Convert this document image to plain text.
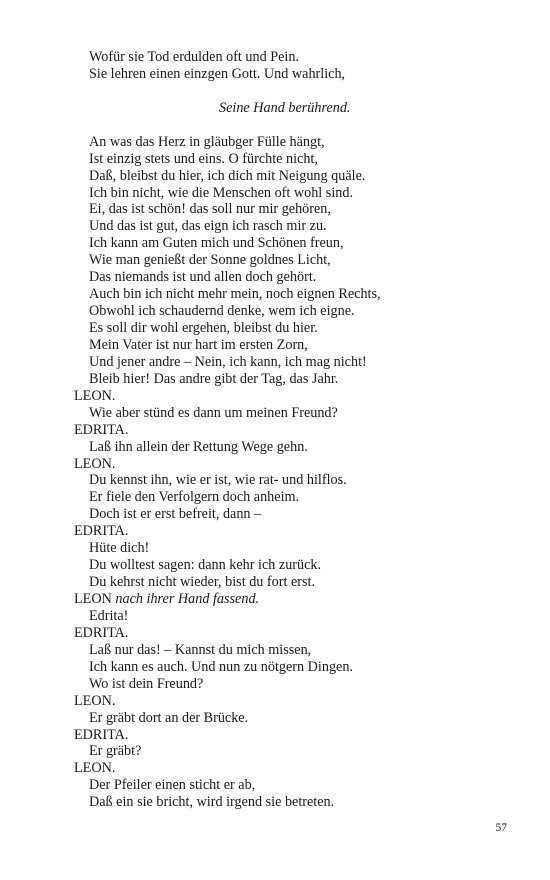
Wofür sie Tod erdulden oft und Pein.
Sie lehren einen einzgen Gott. Und wahrlich,
Seine Hand berührend.
An was das Herz in gläubger Fülle hängt,
Ist einzig stets und eins. O fürchte nicht,
Daß, bleibst du hier, ich dich mit Neigung quäle.
Ich bin nicht, wie die Menschen oft wohl sind.
Ei, das ist schön! das soll nur mir gehören,
Und das ist gut, das eign ich rasch mir zu.
Ich kann am Guten mich und Schönen freun,
Wie man genießt der Sonne goldnes Licht,
Das niemands ist und allen doch gehört.
Auch bin ich nicht mehr mein, noch eignen Rechts,
Obwohl ich schaudernd denke, wem ich eigne.
Es soll dir wohl ergehen, bleibst du hier.
Mein Vater ist nur hart im ersten Zorn,
Und jener andre – Nein, ich kann, ich mag nicht!
Bleib hier! Das andre gibt der Tag, das Jahr.
LEON.
Wie aber stünd es dann um meinen Freund?
EDRITA.
Laß ihn allein der Rettung Wege gehn.
LEON.
Du kennst ihn, wie er ist, wie rat- und hilflos.
Er fiele den Verfolgern doch anheim.
Doch ist er erst befreit, dann –
EDRITA.
Hüte dich!
Du wolltest sagen: dann kehr ich zurück.
Du kehrst nicht wieder, bist du fort erst.
LEON nach ihrer Hand fassend.
Edrita!
EDRITA.
Laß nur das! – Kannst du mich missen,
Ich kann es auch. Und nun zu nötgern Dingen.
Wo ist dein Freund?
LEON.
Er gräbt dort an der Brücke.
EDRITA.
Er gräbt?
LEON.
Der Pfeiler einen sticht er ab,
Daß ein sie bricht, wird irgend sie betreten.
57
